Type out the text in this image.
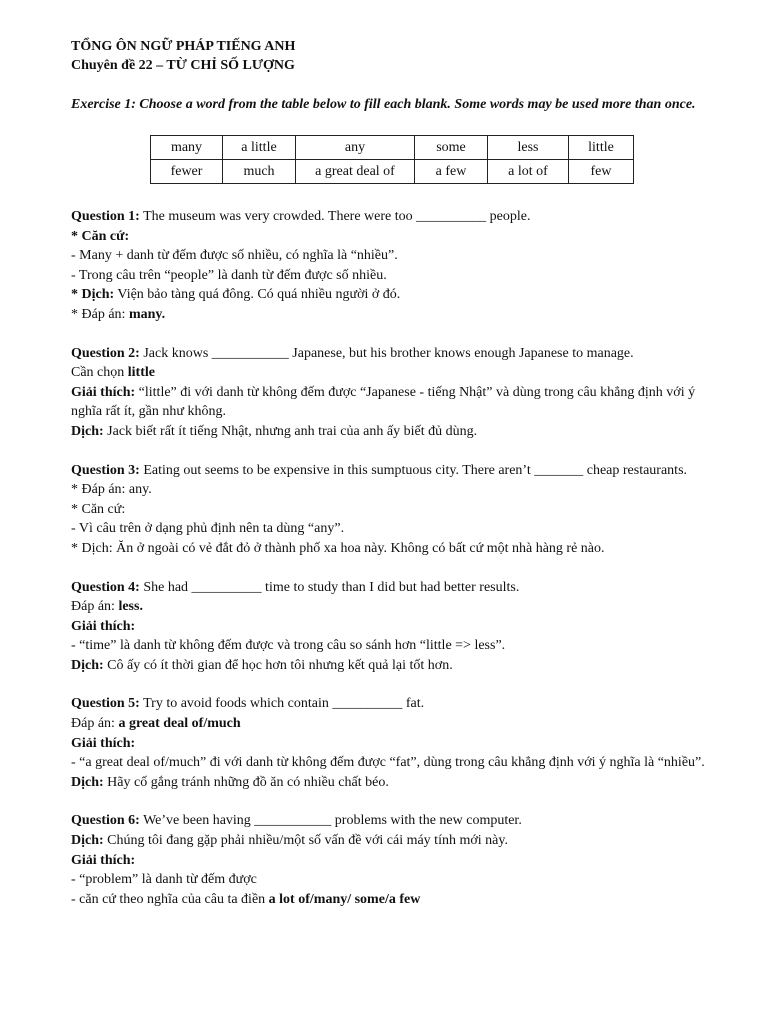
TỔNG ÔN NGỮ PHÁP TIẾNG ANH
Chuyên đề 22 – TỪ CHỈ SỐ LƯỢNG
Exercise 1: Choose a word from the table below to fill each blank. Some words may be used more than once.
many	a little	any	some	less	little
fewer	much	a great deal of	a few	a lot of	few
Question 1: The museum was very crowded. There were too __________ people.
* Căn cứ:
- Many + danh từ đếm được số nhiều, có nghĩa là “nhiều”.
- Trong câu trên “people” là danh từ đếm được số nhiều.
* Dịch: Viện bảo tàng quá đông. Có quá nhiều người ở đó.
* Đáp án: many.
Question 2: Jack knows ___________ Japanese, but his brother knows enough Japanese to manage.
Cần chọn little
Giải thích: “little” đi với danh từ không đếm được “Japanese - tiếng Nhật” và dùng trong câu khẳng định với ý nghĩa rất ít, gần như không.
Dịch: Jack biết rất ít tiếng Nhật, nhưng anh trai của anh ấy biết đủ dùng.
Question 3: Eating out seems to be expensive in this sumptuous city. There aren’t _______ cheap restaurants.
* Đáp án: any.
* Căn cứ:
- Vì câu trên ở dạng phủ định nên ta dùng “any”.
* Dịch: Ăn ở ngoài có vẻ đắt đỏ ở thành phố xa hoa này. Không có bất cứ một nhà hàng rẻ nào.
Question 4: She had __________ time to study than I did but had better results.
Đáp án: less.
Giải thích:
- “time” là danh từ không đếm được và trong câu so sánh hơn “little => less”.
Dịch: Cô ấy có ít thời gian để học hơn tôi nhưng kết quả lại tốt hơn.
Question 5: Try to avoid foods which contain __________ fat.
Đáp án: a great deal of/much
Giải thích:
- “a great deal of/much” đi với danh từ không đếm được “fat”, dùng trong câu khẳng định với ý nghĩa là “nhiều”.
Dịch: Hãy cố gắng tránh những đồ ăn có nhiều chất béo.
Question 6: We’ve been having ___________ problems with the new computer.
Dịch: Chúng tôi đang gặp phải nhiều/một số vấn đề với cái máy tính mới này.
Giải thích:
- “problem” là danh từ đếm được
- căn cứ theo nghĩa của câu ta điền a lot of/many/ some/a few
